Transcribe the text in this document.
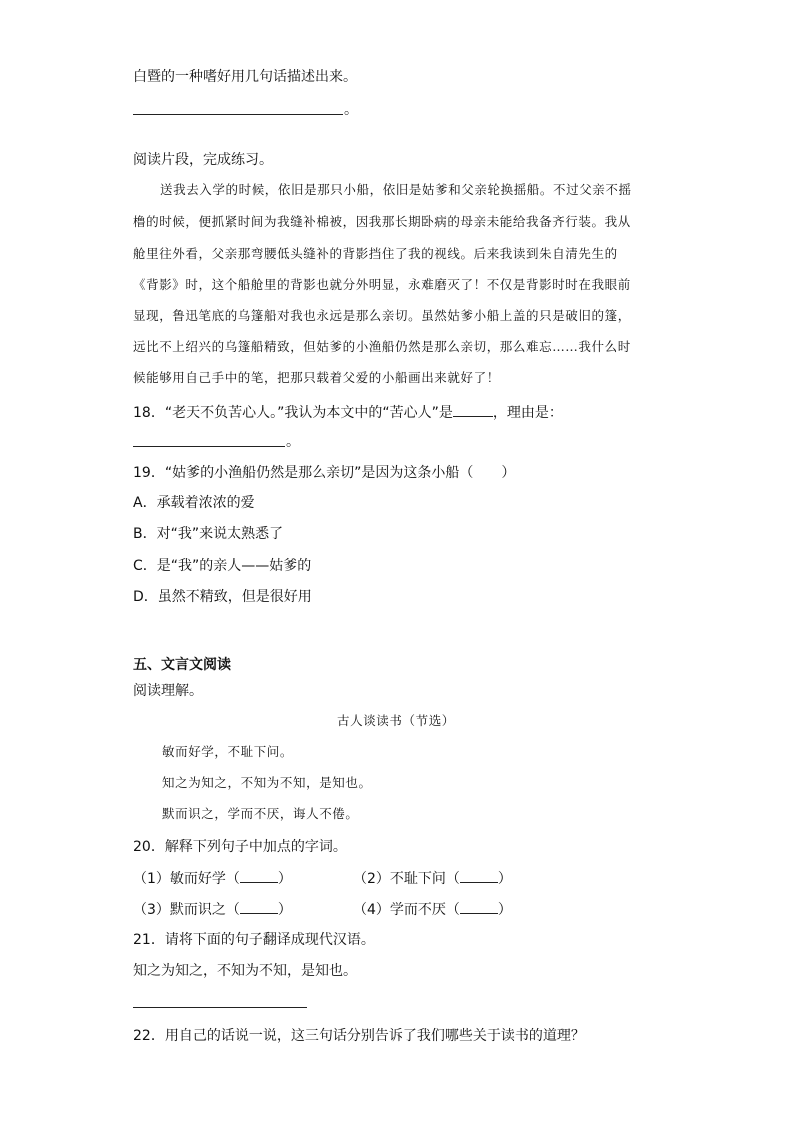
白暨的一种嗜好用几句话描述出来。
。
阅读片段，完成练习。
送我去入学的时候，依旧是那只小船，依旧是姑爹和父亲轮换摇船。不过父亲不摇
橹的时候，便抓紧时间为我缝补棉被，因我那长期卧病的母亲未能给我备齐行装。我从
舱里往外看，父亲那弯腰低头缝补的背影挡住了我的视线。后来我读到朱自清先生的
《背影》时，这个船舱里的背影也就分外明显，永难磨灭了！不仅是背影时时在我眼前
显现，鲁迅笔底的乌篷船对我也永远是那么亲切。虽然姑爹小船上盖的只是破旧的篷，
远比不上绍兴的乌篷船精致，但姑爹的小渔船仍然是那么亲切，那么难忘……我什么时
候能够用自己手中的笔，把那只载着父爱的小船画出来就好了！
18．“老天不负苦心人。”我认为本文中的“苦心人”是	，理由是：
。
19．“姑爹的小渔船仍然是那么亲切”是因为这条小船（　　）
A．承载着浓浓的爱
B．对“我”来说太熟悉了
C．是“我”的亲人——姑爹的
D．虽然不精致，但是很好用
五、文言文阅读
阅读理解。
古人谈读书（节选）
敏而好学，不耻下问。
知之为知之，不知为不知，是知也。
默而识之，学而不厌，诲人不倦。
20．解释下列句子中加点的字词。
（1）敏而好学（	）	（2）不耻下问（	）
（3）默而识之（	）	（4）学而不厌（	）
21．请将下面的句子翻译成现代汉语。
知之为知之，不知为不知，是知也。
22．用自己的话说一说，这三句话分别告诉了我们哪些关于读书的道理？
